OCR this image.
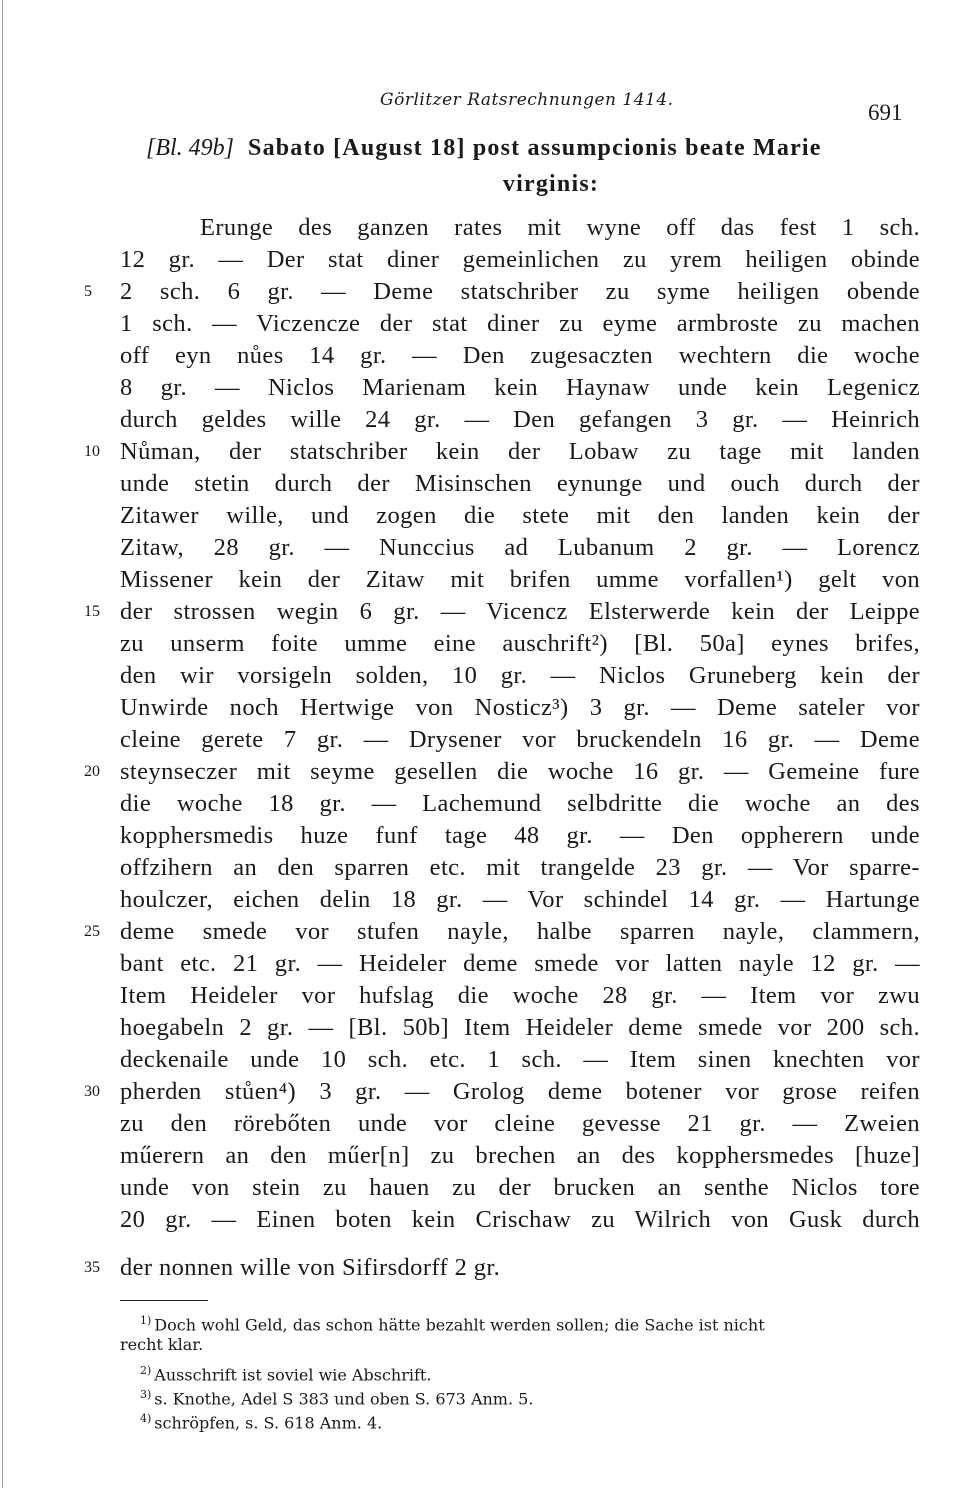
Görlitzer Ratsrechnungen 1414.	691
[Bl. 49b] Sabato [August 18] post assumpcionis beate Marie
virginis:
Erunge des ganzen rates mit wyne off das fest 1 sch.
12 gr. — Der stat diner gemeinlichen zu yrem heiligen obinde
2 sch. 6 gr. — Deme statschriber zu syme heiligen obende
1 sch. — Viczencze der stat diner zu eyme armbroste zu machen
off eyn nůes 14 gr. — Den zugesaczten wechtern die woche
8 gr. — Niclos Marienam kein Haynaw unde kein Legenicz
durch geldes wille 24 gr. — Den gefangen 3 gr. — Heinrich
Nůman, der statschriber kein der Lobaw zu tage mit landen
unde stetin durch der Misinschen eynunge und ouch durch der
Zitawer wille, und zogen die stete mit den landen kein der
Zitaw, 28 gr. — Nunccius ad Lubanum 2 gr. — Lorencz
Missener kein der Zitaw mit brifen umme vorfallen¹) gelt von
der strossen wegin 6 gr. — Vicencz Elsterwerde kein der Leippe
zu unserm foite umme eine auschrift²) [Bl. 50a] eynes brifes,
den wir vorsigeln solden, 10 gr. — Niclos Gruneberg kein der
Unwirde noch Hertwige von Nosticz³) 3 gr. — Deme sateler vor
cleine gerete 7 gr. — Drysener vor bruckendeln 16 gr. — Deme
steynseczer mit seyme gesellen die woche 16 gr. — Gemeine fure
die woche 18 gr. — Lachemund selbdritte die woche an des
kopphersmedis huze funf tage 48 gr. — Den oppherern unde
offzihern an den sparren etc. mit trangelde 23 gr. — Vor sparre-
houlczer, eichen delin 18 gr. — Vor schindel 14 gr. — Hartunge
deme smede vor stufen nayle, halbe sparren nayle, clammern,
bant etc. 21 gr. — Heideler deme smede vor latten nayle 12 gr. —
Item Heideler vor hufslag die woche 28 gr. — Item vor zwu
hoegabeln 2 gr. — [Bl. 50b] Item Heideler deme smede vor 200 sch.
deckenaile unde 10 sch. etc. 1 sch. — Item sinen knechten vor
pherden stůen⁴) 3 gr. — Grolog deme botener vor grose reifen
zu den rörebőten unde vor cleine gevesse 21 gr. — Zweien
műerern an den műer[n] zu brechen an des kopphersmedes [huze]
unde von stein zu hauen zu der brucken an senthe Niclos tore
20 gr. — Einen boten kein Crischaw zu Wilrich von Gusk durch
der nonnen wille von Sifirsdorff 2 gr.
5
10
15
20
25
30
35
$^{1)}$ Doch wohl Geld, das schon hätte bezahlt werden sollen; die Sache ist nicht
recht klar.
$^{2)}$ Ausschrift ist soviel wie Abschrift.
$^{3)}$ s. Knothe, Adel S 383 und oben S. 673 Anm. 5.
$^{4)}$ schröpfen, s. S. 618 Anm. 4.
